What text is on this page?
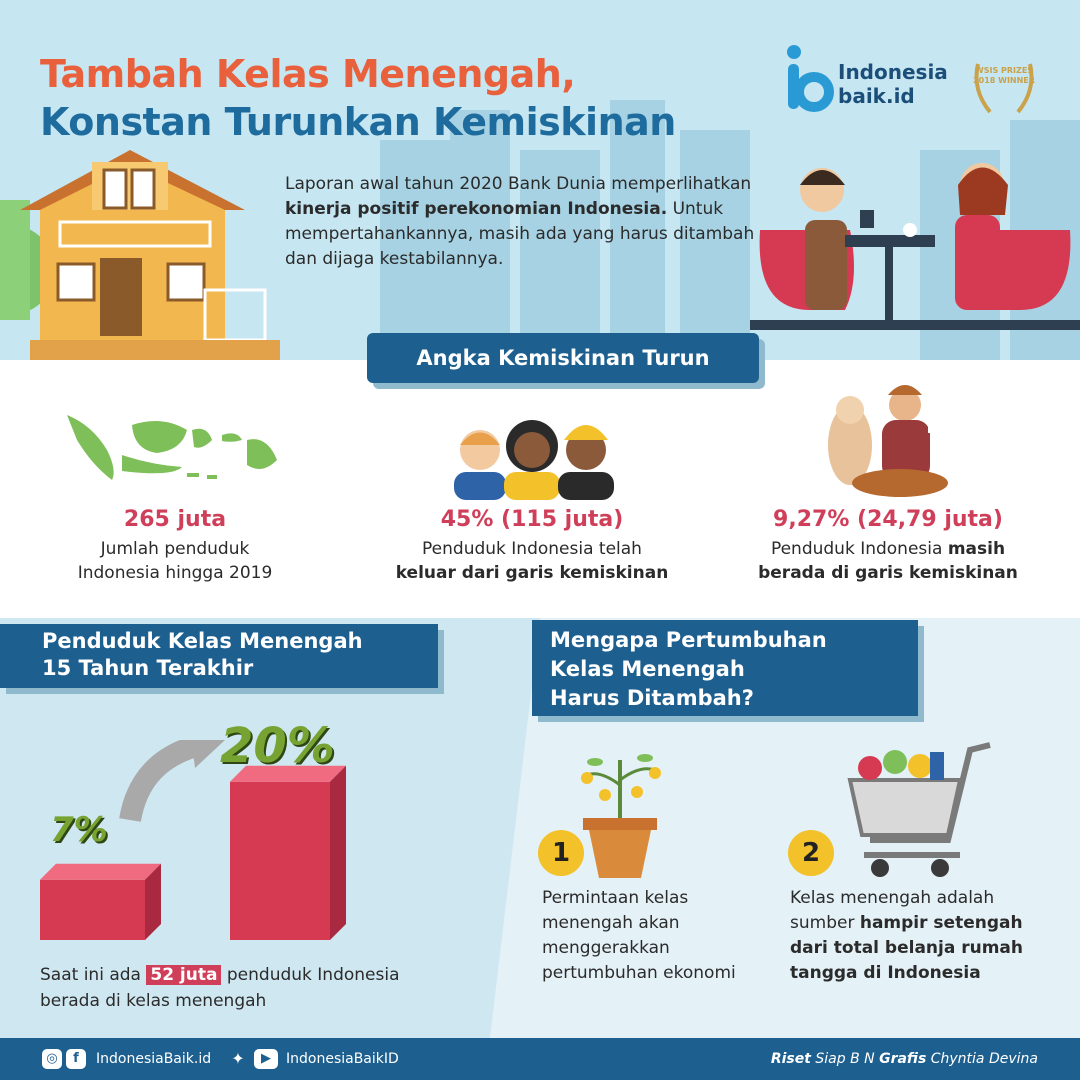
Tambah Kelas Menengah,
Konstan Turunkan Kemiskinan
Indonesia
baik.id
WSIS PRIZES 2018 WINNER
Laporan awal tahun 2020 Bank Dunia memperlihatkan kinerja positif perekonomian Indonesia. Untuk mempertahankannya, masih ada yang harus ditambah dan dijaga kestabilannya.
Angka Kemiskinan Turun
265 juta
Jumlah penduduk
Indonesia hingga 2019
45% (115 juta)
Penduduk Indonesia telah
keluar dari garis kemiskinan
9,27% (24,79 juta)
Penduduk Indonesia masih
berada di garis kemiskinan
Penduduk Kelas Menengah
15 Tahun Terakhir
Mengapa Pertumbuhan
Kelas Menengah
Harus Ditambah?
7%
20%
Saat ini ada 52 juta penduduk Indonesia berada di kelas menengah
1
Permintaan kelas menengah akan menggerakkan pertumbuhan ekonomi
2
Kelas menengah adalah sumber hampir setengah dari total belanja rumah tangga di Indonesia
◎	f	IndonesiaBaik.id ✦	▶	IndonesiaBaikID	Riset Siap B N Grafis Chyntia Devina
